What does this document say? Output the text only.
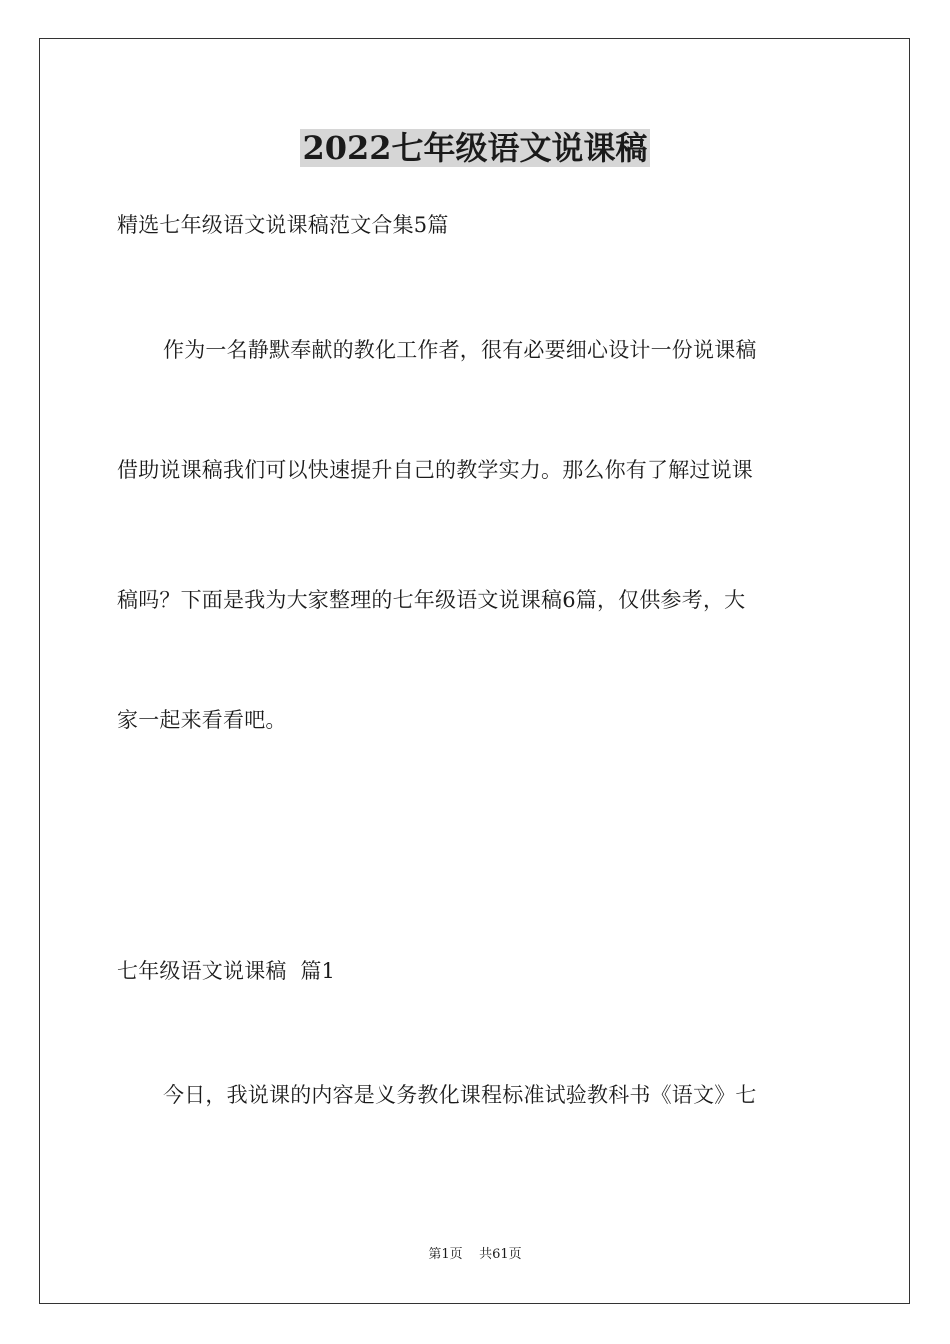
2022七年级语文说课稿
精选七年级语文说课稿范文合集5篇
作为一名静默奉献的教化工作者，很有必要细心设计一份说课稿
借助说课稿我们可以快速提升自己的教学实力。那么你有了解过说课
稿吗？下面是我为大家整理的七年级语文说课稿6篇，仅供参考，大
家一起来看看吧。
七年级语文说课稿  篇1
今日，我说课的内容是义务教化课程标准试验教科书《语文》七
第1页    共61页
